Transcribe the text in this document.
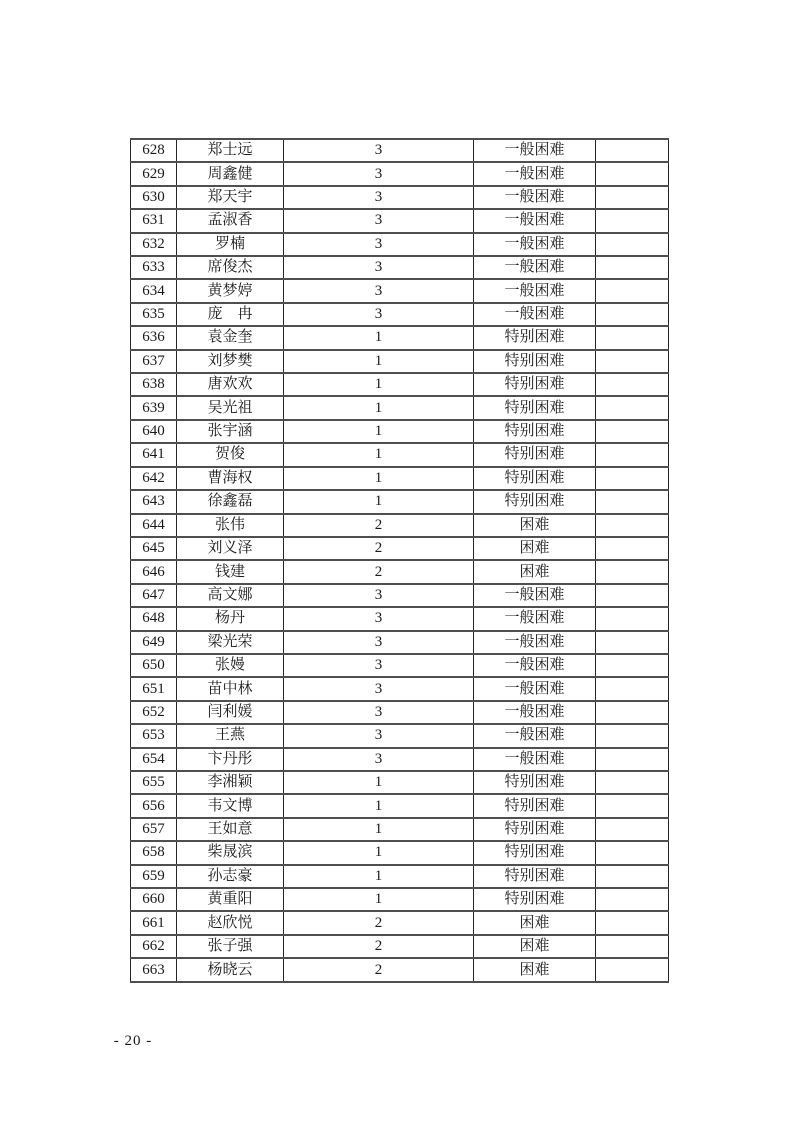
628	郑士远	3	一般困难	
629	周鑫健	3	一般困难	
630	郑天宇	3	一般困难	
631	孟淑香	3	一般困难	
632	罗楠	3	一般困难	
633	席俊杰	3	一般困难	
634	黄梦婷	3	一般困难	
635	庞　冉	3	一般困难	
636	袁金奎	1	特别困难	
637	刘梦樊	1	特别困难	
638	唐欢欢	1	特别困难	
639	吴光祖	1	特别困难	
640	张宇涵	1	特别困难	
641	贺俊	1	特别困难	
642	曹海权	1	特别困难	
643	徐鑫磊	1	特别困难	
644	张伟	2	困难	
645	刘义泽	2	困难	
646	钱建	2	困难	
647	高文娜	3	一般困难	
648	杨丹	3	一般困难	
649	梁光荣	3	一般困难	
650	张嫚	3	一般困难	
651	苗中林	3	一般困难	
652	闫利媛	3	一般困难	
653	王燕	3	一般困难	
654	卞丹彤	3	一般困难	
655	李湘颖	1	特别困难	
656	韦文博	1	特别困难	
657	王如意	1	特别困难	
658	柴晟滨	1	特别困难	
659	孙志豪	1	特别困难	
660	黄重阳	1	特别困难	
661	赵欣悦	2	困难	
662	张子强	2	困难	
663	杨晓云	2	困难	
- 20 -
